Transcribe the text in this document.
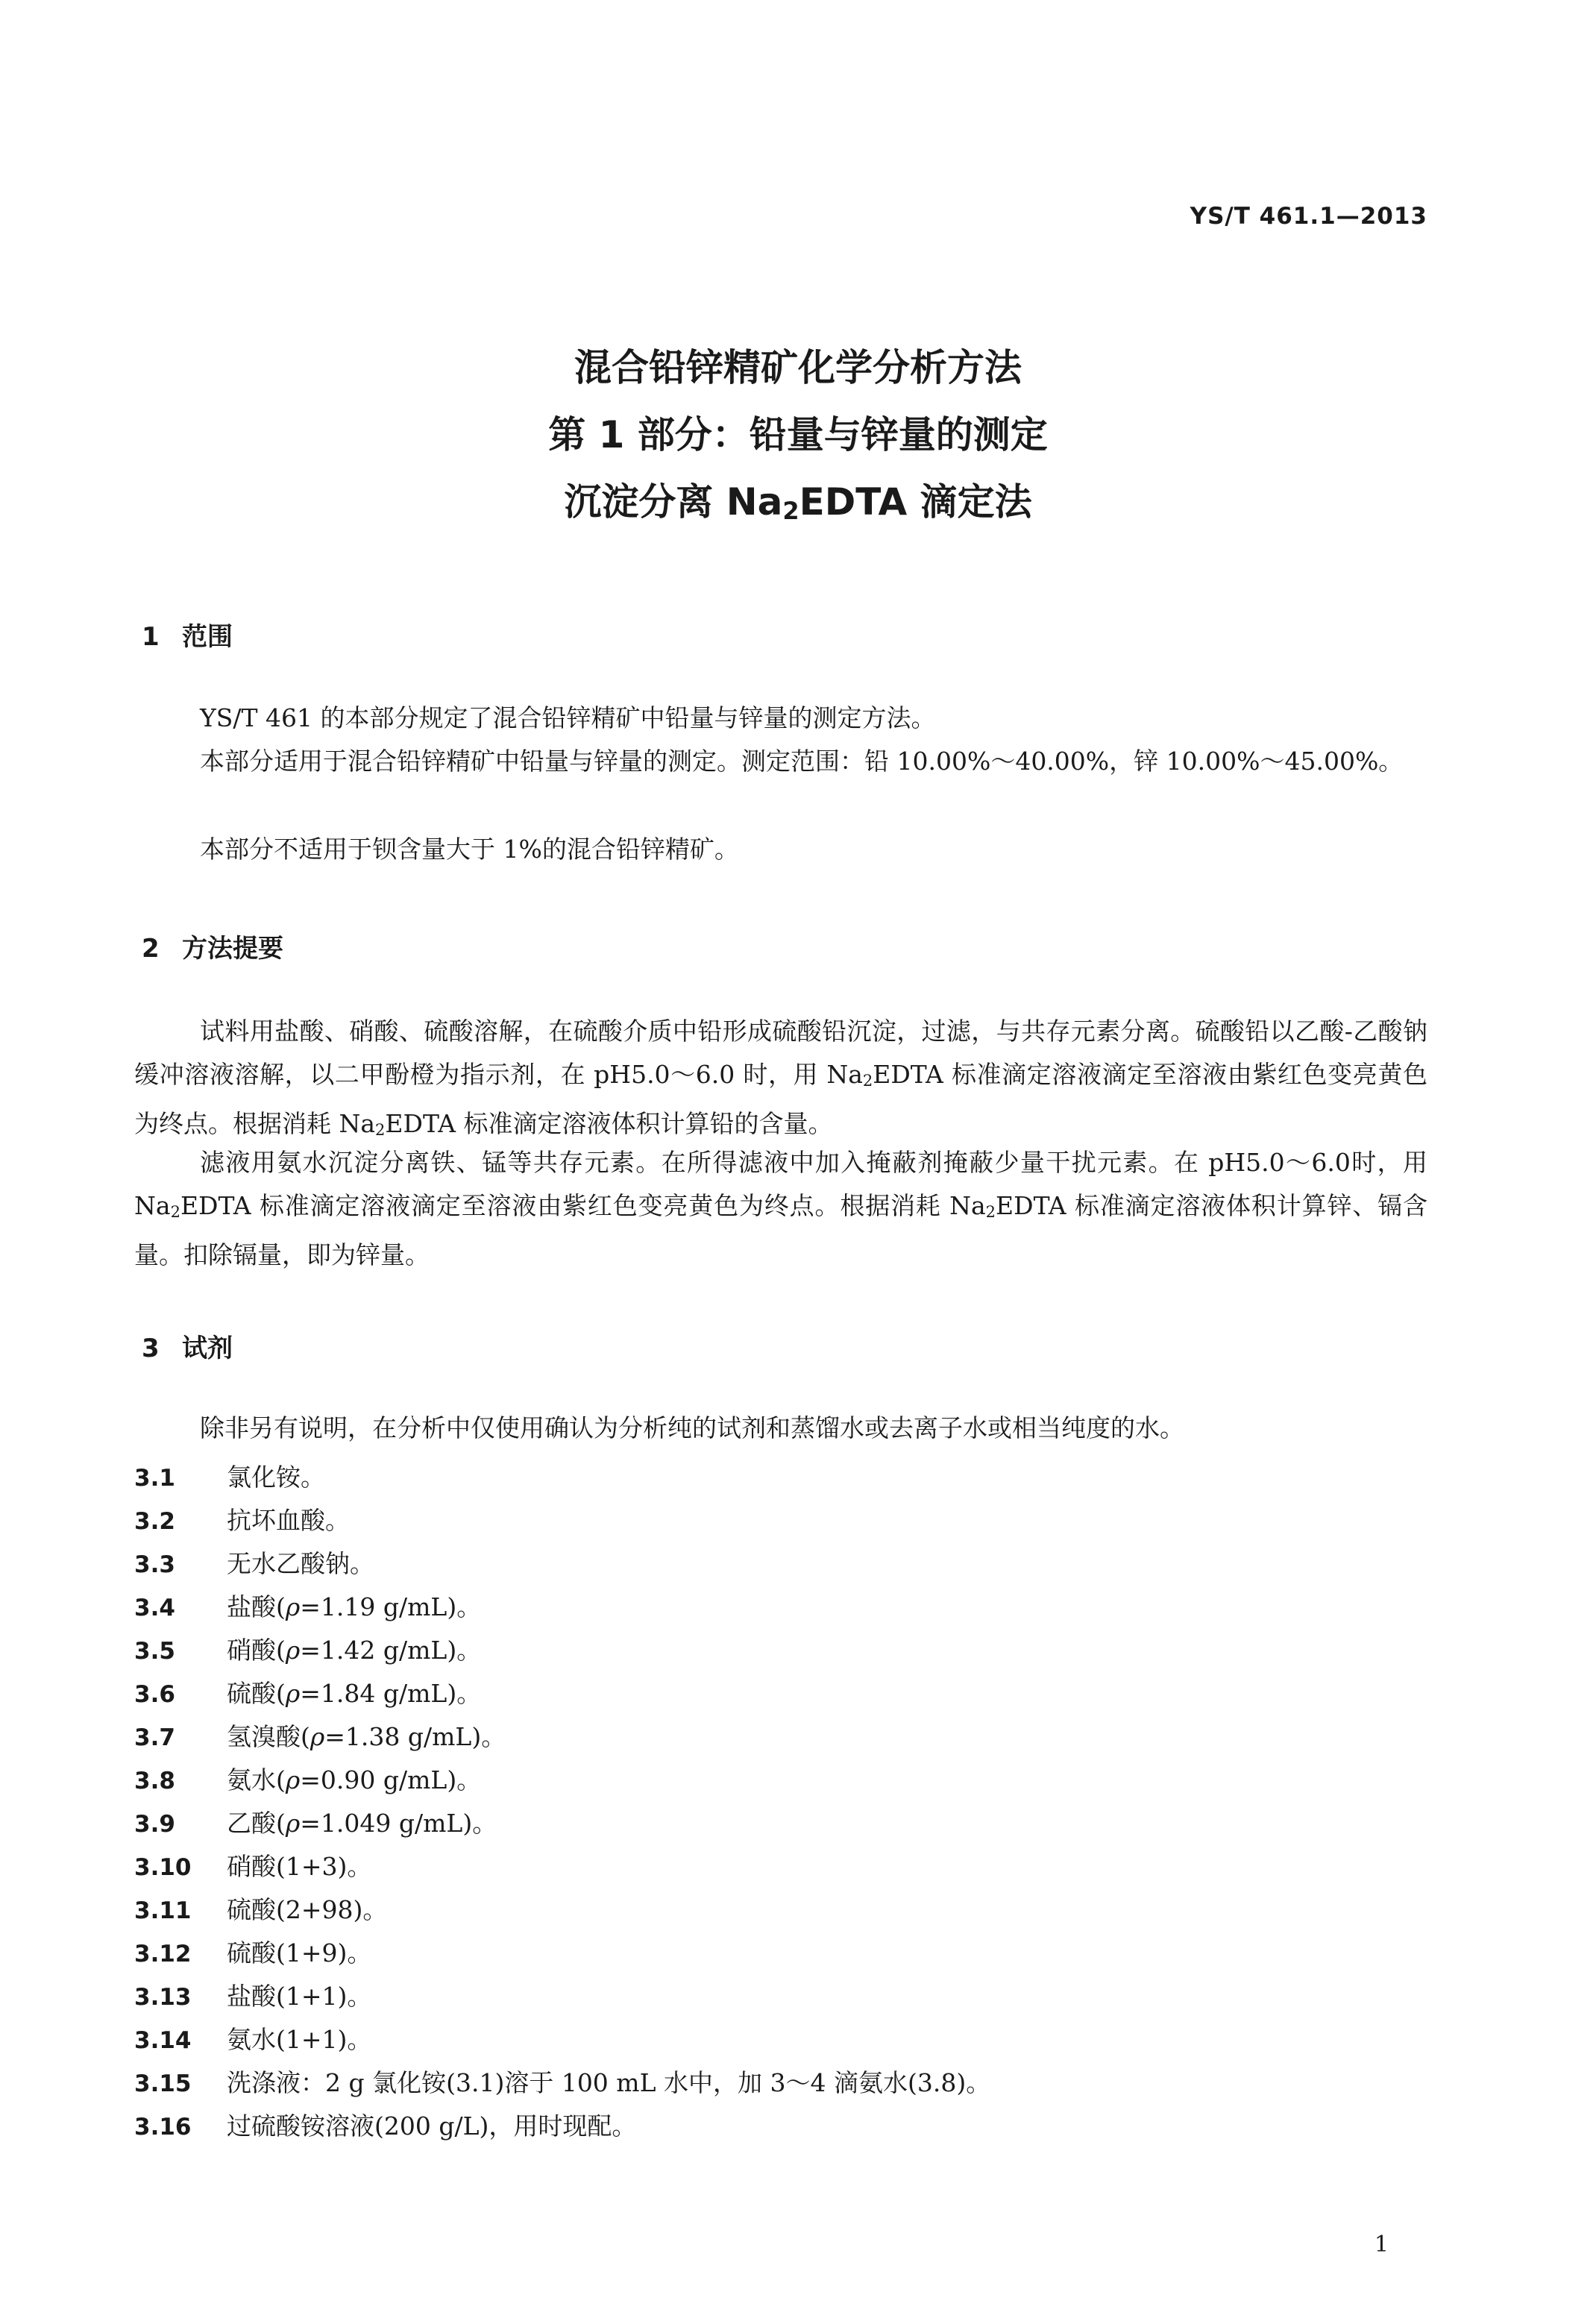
YS/T 461.1—2013
混合铅锌精矿化学分析方法
第 1 部分：铅量与锌量的测定
沉淀分离 Na2EDTA 滴定法
1 范围
YS/T 461 的本部分规定了混合铅锌精矿中铅量与锌量的测定方法。
本部分适用于混合铅锌精矿中铅量与锌量的测定。测定范围：铅 10.00%～40.00%，锌 10.00%～45.00%。
本部分不适用于钡含量大于 1%的混合铅锌精矿。
2 方法提要
试料用盐酸、硝酸、硫酸溶解，在硫酸介质中铅形成硫酸铅沉淀，过滤，与共存元素分离。硫酸铅以乙酸-乙酸钠缓冲溶液溶解，以二甲酚橙为指示剂，在 pH5.0～6.0 时，用 Na2EDTA 标准滴定溶液滴定至溶液由紫红色变亮黄色为终点。根据消耗 Na2EDTA 标准滴定溶液体积计算铅的含量。
滤液用氨水沉淀分离铁、锰等共存元素。在所得滤液中加入掩蔽剂掩蔽少量干扰元素。在 pH5.0～6.0时，用 Na2EDTA 标准滴定溶液滴定至溶液由紫红色变亮黄色为终点。根据消耗 Na2EDTA 标准滴定溶液体积计算锌、镉含量。扣除镉量，即为锌量。
3 试剂
除非另有说明，在分析中仅使用确认为分析纯的试剂和蒸馏水或去离子水或相当纯度的水。
3.1 氯化铵。
3.2 抗坏血酸。
3.3 无水乙酸钠。
3.4 盐酸(ρ=1.19 g/mL)。
3.5 硝酸(ρ=1.42 g/mL)。
3.6 硫酸(ρ=1.84 g/mL)。
3.7 氢溴酸(ρ=1.38 g/mL)。
3.8 氨水(ρ=0.90 g/mL)。
3.9 乙酸(ρ=1.049 g/mL)。
3.10 硝酸(1+3)。
3.11 硫酸(2+98)。
3.12 硫酸(1+9)。
3.13 盐酸(1+1)。
3.14 氨水(1+1)。
3.15 洗涤液：2 g 氯化铵(3.1)溶于 100 mL 水中，加 3～4 滴氨水(3.8)。
3.16 过硫酸铵溶液(200 g/L)，用时现配。
1
